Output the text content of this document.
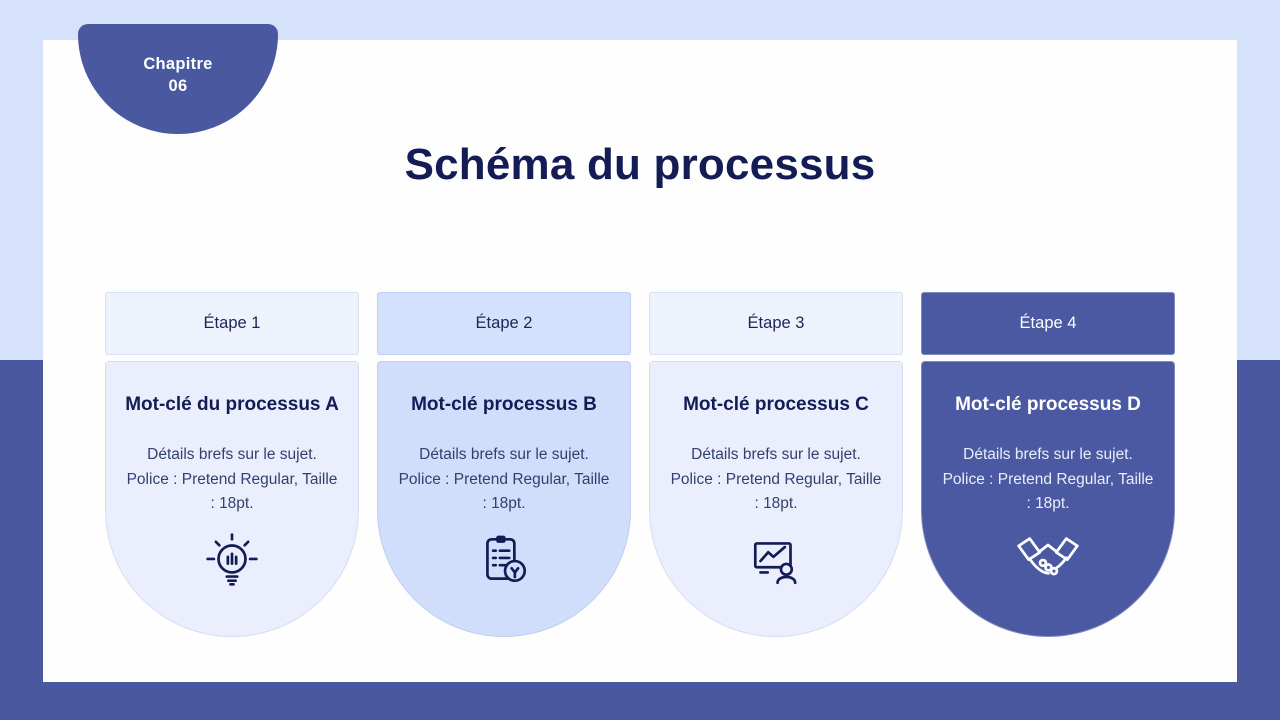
Chapitre
06
Schéma du processus
Étape 1
Mot-clé du processus A
Détails brefs sur le sujet.
Police : Pretend Regular, Taille
: 18pt.
Étape 2
Mot-clé processus B
Détails brefs sur le sujet.
Police : Pretend Regular, Taille
: 18pt.
Étape 3
Mot-clé processus C
Détails brefs sur le sujet.
Police : Pretend Regular, Taille
: 18pt.
Étape 4
Mot-clé processus D
Détails brefs sur le sujet.
Police : Pretend Regular, Taille
: 18pt.
